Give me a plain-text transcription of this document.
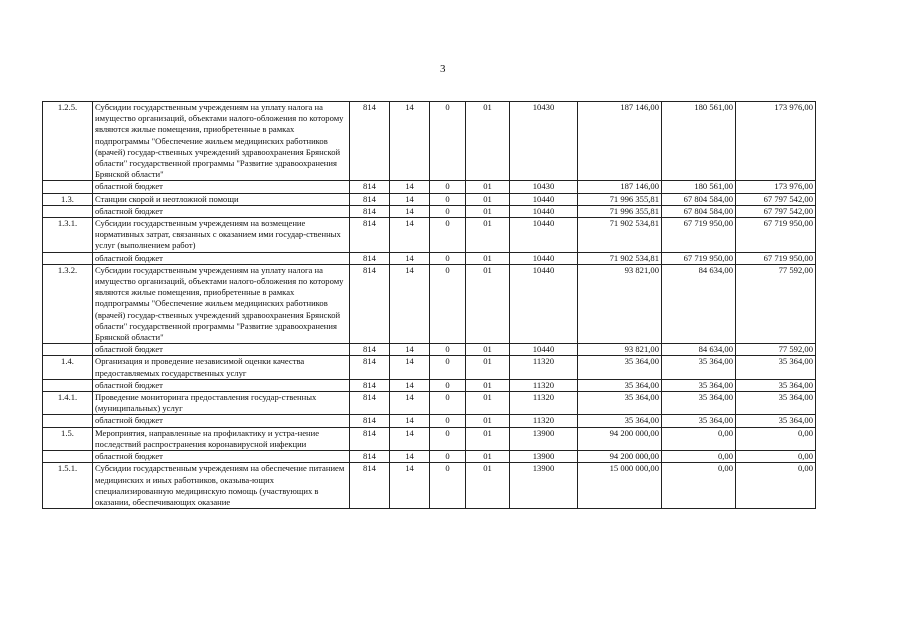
3
1.2.5.	Субсидии государственным учреждениям на уплату налога на имущество организаций, объектами налого-обложения по которому являются жилые помещения, приобретенные в рамках подпрограммы "Обеспечение жильем медицинских работников (врачей) государ-ственных учреждений здравоохранения Брянской области" государственной программы "Развитие здравоохранения Брянской области"	814	14	0	01	10430	187 146,00	180 561,00	173 976,00
	областной бюджет	814	14	0	01	10430	187 146,00	180 561,00	173 976,00
1.3.	Станции скорой и неотложной помощи	814	14	0	01	10440	71 996 355,81	67 804 584,00	67 797 542,00
	областной бюджет	814	14	0	01	10440	71 996 355,81	67 804 584,00	67 797 542,00
1.3.1.	Субсидии государственным учреждениям на возмещение нормативных затрат, связанных с оказанием ими государ-ственных услуг (выполнением работ)	814	14	0	01	10440	71 902 534,81	67 719 950,00	67 719 950,00
	областной бюджет	814	14	0	01	10440	71 902 534,81	67 719 950,00	67 719 950,00
1.3.2.	Субсидии государственным учреждениям на уплату налога на имущество организаций, объектами налого-обложения по которому являются жилые помещения, приобретенные в рамках подпрограммы "Обеспечение жильем медицинских работников (врачей) государ-ственных учреждений здравоохранения Брянской области" государственной программы "Развитие здравоохранения Брянской области"	814	14	0	01	10440	93 821,00	84 634,00	77 592,00
	областной бюджет	814	14	0	01	10440	93 821,00	84 634,00	77 592,00
1.4.	Организация и проведение независимой оценки качества предоставляемых государственных услуг	814	14	0	01	11320	35 364,00	35 364,00	35 364,00
	областной бюджет	814	14	0	01	11320	35 364,00	35 364,00	35 364,00
1.4.1.	Проведение мониторинга предоставления государ-ственных (муниципальных) услуг	814	14	0	01	11320	35 364,00	35 364,00	35 364,00
	областной бюджет	814	14	0	01	11320	35 364,00	35 364,00	35 364,00
1.5.	Мероприятия, направленные на профилактику и устра-нение последствий распространения коронавирусной инфекции	814	14	0	01	13900	94 200 000,00	0,00	0,00
	областной бюджет	814	14	0	01	13900	94 200 000,00	0,00	0,00
1.5.1.	Субсидии государственным учреждениям на обеспечение питанием медицинских и иных работников, оказыва-ющих специализированную медицинскую помощь (участвующих в оказании, обеспечивающих оказание	814	14	0	01	13900	15 000 000,00	0,00	0,00
